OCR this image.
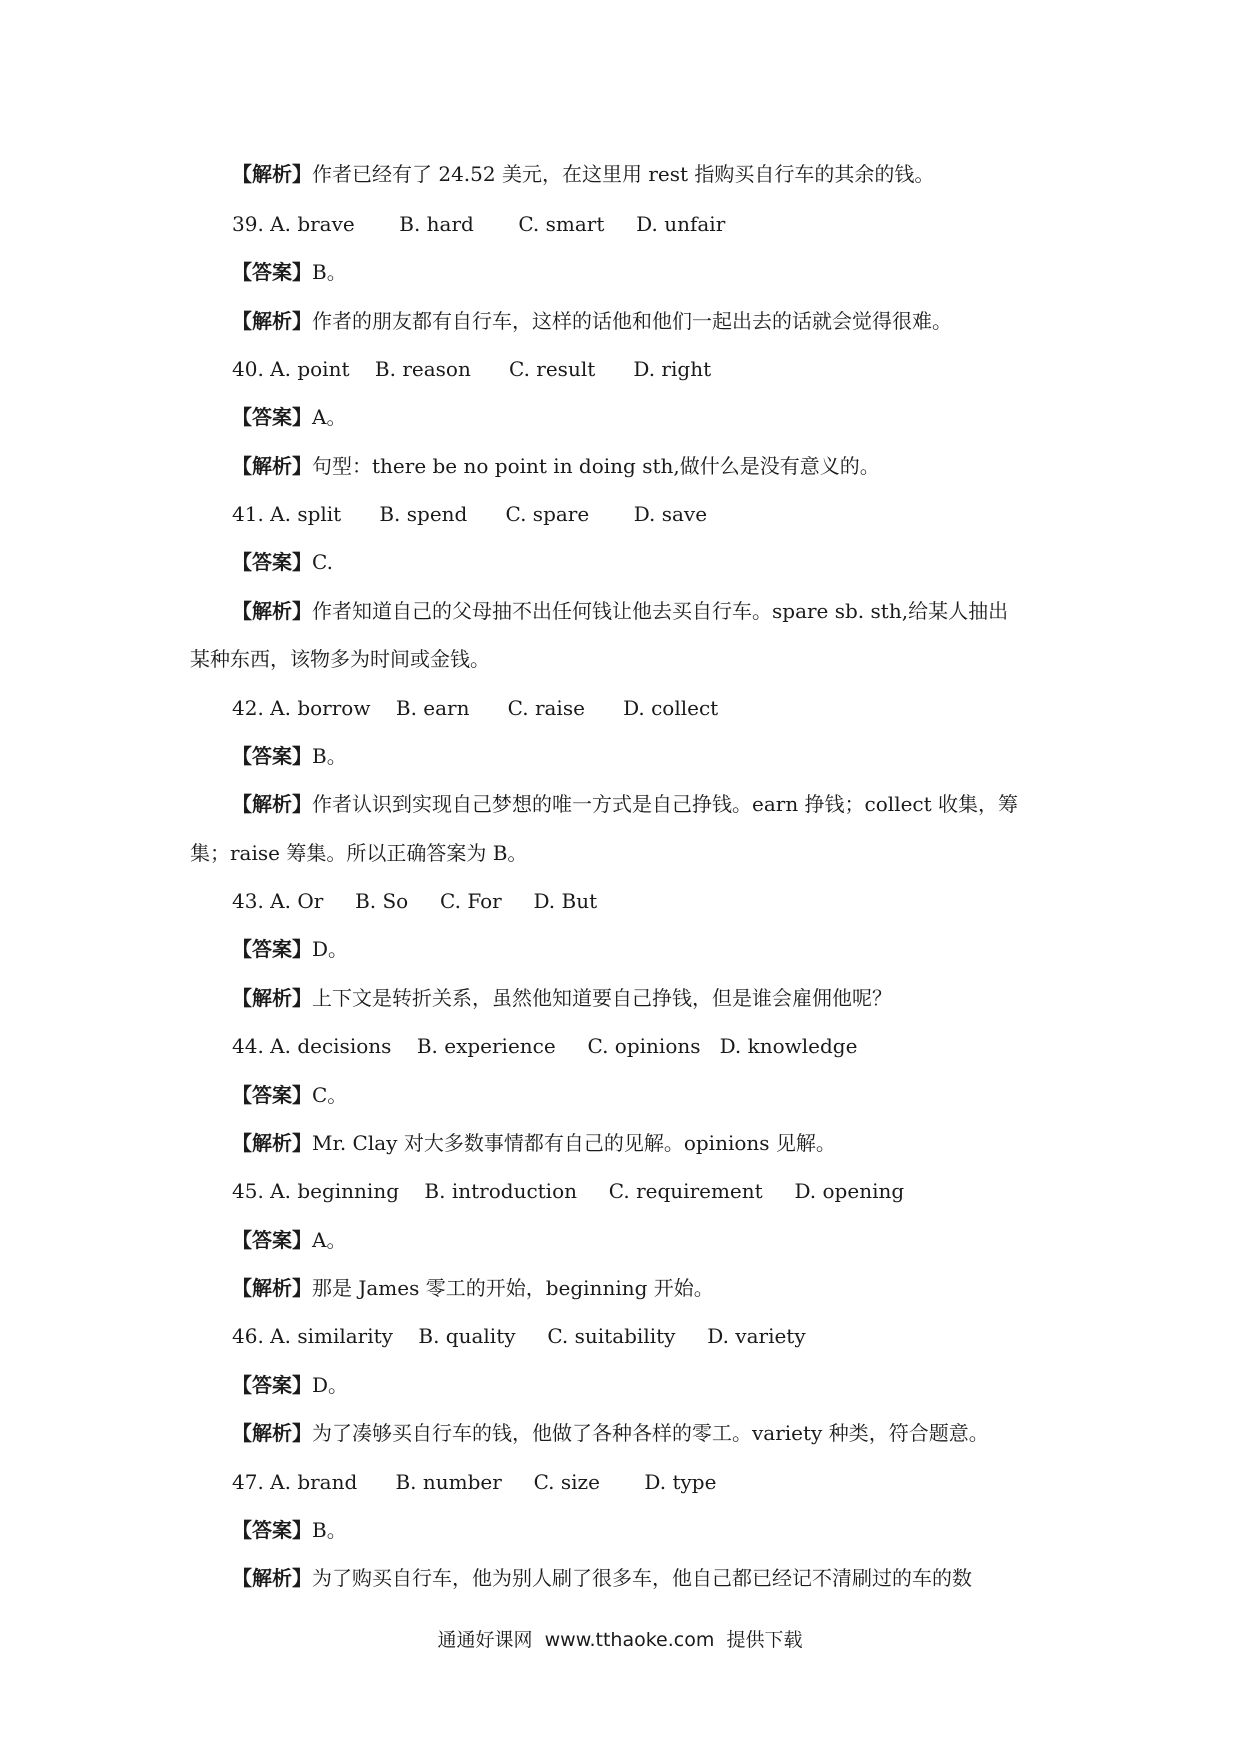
【解析】作者已经有了 24.52 美元，在这里用 rest 指购买自行车的其余的钱。
39. A. brave       B. hard       C. smart     D. unfair
【答案】B。
【解析】作者的朋友都有自行车，这样的话他和他们一起出去的话就会觉得很难。
40. A. point    B. reason      C. result      D. right
【答案】A。
【解析】句型：there be no point in doing sth,做什么是没有意义的。
41. A. split      B. spend      C. spare       D. save
【答案】C.
【解析】作者知道自己的父母抽不出任何钱让他去买自行车。spare sb. sth,给某人抽出
某种东西，该物多为时间或金钱。
42. A. borrow    B. earn      C. raise      D. collect
【答案】B。
【解析】作者认识到实现自己梦想的唯一方式是自己挣钱。earn 挣钱；collect 收集，筹
集；raise 筹集。所以正确答案为 B。
43. A. Or     B. So     C. For     D. But
【答案】D。
【解析】上下文是转折关系，虽然他知道要自己挣钱，但是谁会雇佣他呢？
44. A. decisions    B. experience     C. opinions   D. knowledge
【答案】C。
【解析】Mr. Clay 对大多数事情都有自己的见解。opinions 见解。
45. A. beginning    B. introduction     C. requirement     D. opening
【答案】A。
【解析】那是 James 零工的开始，beginning 开始。
46. A. similarity    B. quality     C. suitability     D. variety
【答案】D。
【解析】为了凑够买自行车的钱，他做了各种各样的零工。variety 种类，符合题意。
47. A. brand      B. number     C. size       D. type
【答案】B。
【解析】为了购买自行车，他为别人刷了很多车，他自己都已经记不清刷过的车的数
通通好课网  www.tthaoke.com  提供下载
